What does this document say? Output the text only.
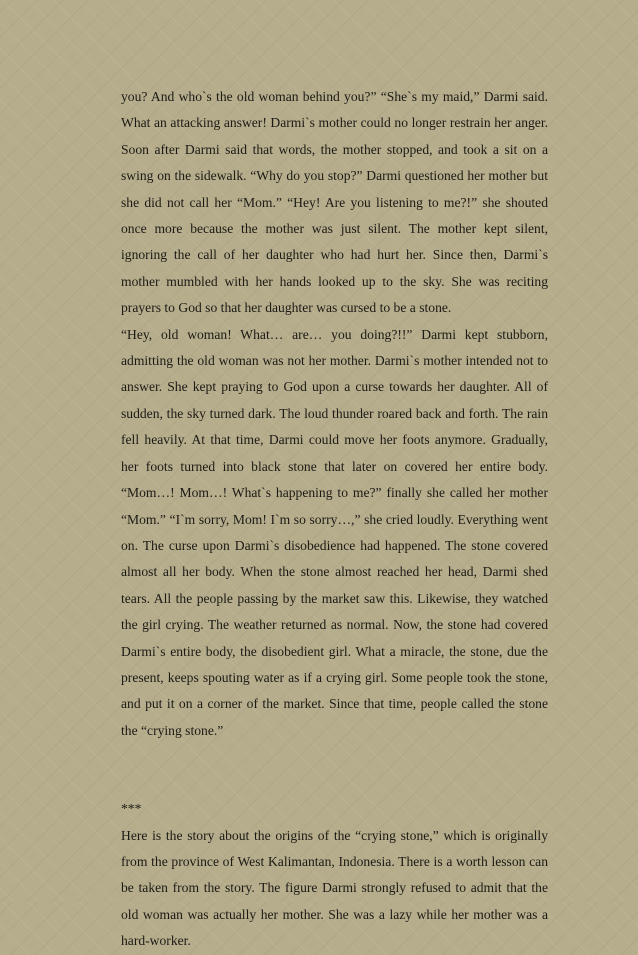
you? And who`s the old woman behind you?” “She`s my maid,” Darmi said. What an attacking answer! Darmi`s mother could no longer restrain her anger. Soon after Darmi said that words, the mother stopped, and took a sit on a swing on the sidewalk. “Why do you stop?” Darmi questioned her mother but she did not call her “Mom.” “Hey! Are you listening to me?!” she shouted once more because the mother was just silent. The mother kept silent, ignoring the call of her daughter who had hurt her. Since then, Darmi`s mother mumbled with her hands looked up to the sky. She was reciting prayers to God so that her daughter was cursed to be a stone.

“Hey, old woman! What… are… you doing?!!” Darmi kept stubborn, admitting the old woman was not her mother. Darmi`s mother intended not to answer. She kept praying to God upon a curse towards her daughter. All of sudden, the sky turned dark. The loud thunder roared back and forth. The rain fell heavily. At that time, Darmi could move her foots anymore. Gradually, her foots turned into black stone that later on covered her entire body. “Mom…! Mom…! What`s happening to me?” finally she called her mother “Mom.” “I`m sorry, Mom! I`m so sorry…,” she cried loudly. Everything went on. The curse upon Darmi`s disobedience had happened. The stone covered almost all her body. When the stone almost reached her head, Darmi shed tears. All the people passing by the market saw this. Likewise, they watched the girl crying. The weather returned as normal. Now, the stone had covered Darmi`s entire body, the disobedient girl. What a miracle, the stone, due the present, keeps spouting water as if a crying girl. Some people took the stone, and put it on a corner of the market. Since that time, people called the stone the “crying stone.”

***

Here is the story about the origins of the “crying stone,” which is originally from the province of West Kalimantan, Indonesia. There is a worth lesson can be taken from the story. The figure Darmi strongly refused to admit that the old woman was actually her mother. She was a lazy while her mother was a hard-worker.
